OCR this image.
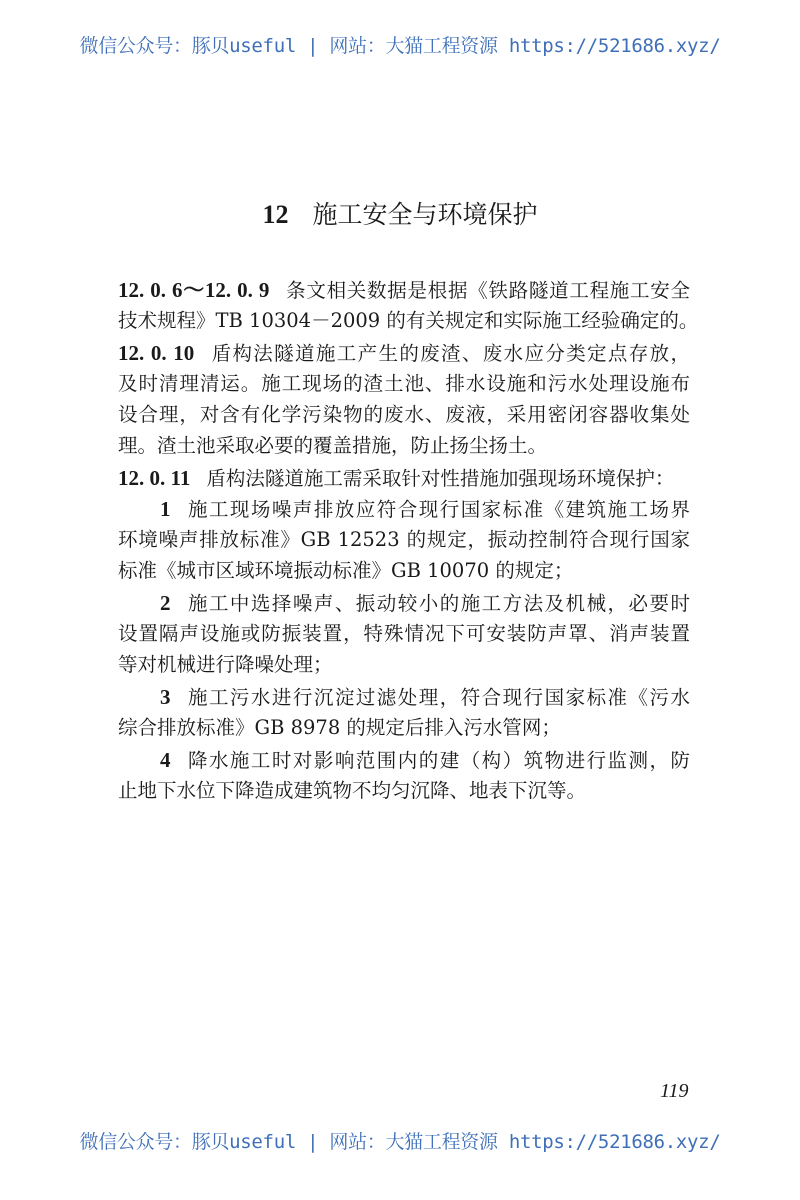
微信公众号：豚贝useful | 网站：大猫工程资源 https://521686.xyz/
12 施工安全与环境保护
12. 0. 6～12. 0. 9 条文相关数据是根据《铁路隧道工程施工安全
技术规程》TB 10304－2009 的有关规定和实际施工经验确定的。
12. 0. 10 盾构法隧道施工产生的废渣、废水应分类定点存放，
及时清理清运。施工现场的渣土池、排水设施和污水处理设施布
设合理，对含有化学污染物的废水、废液，采用密闭容器收集处
理。渣土池采取必要的覆盖措施，防止扬尘扬土。
12. 0. 11 盾构法隧道施工需采取针对性措施加强现场环境保护：
1 施工现场噪声排放应符合现行国家标准《建筑施工场界
环境噪声排放标准》GB 12523 的规定，振动控制符合现行国家
标准《城市区域环境振动标准》GB 10070 的规定；
2 施工中选择噪声、振动较小的施工方法及机械，必要时
设置隔声设施或防振装置，特殊情况下可安装防声罩、消声装置
等对机械进行降噪处理；
3 施工污水进行沉淀过滤处理，符合现行国家标准《污水
综合排放标准》GB 8978 的规定后排入污水管网；
4 降水施工时对影响范围内的建（构）筑物进行监测，防
止地下水位下降造成建筑物不均匀沉降、地表下沉等。
119
微信公众号：豚贝useful | 网站：大猫工程资源 https://521686.xyz/
